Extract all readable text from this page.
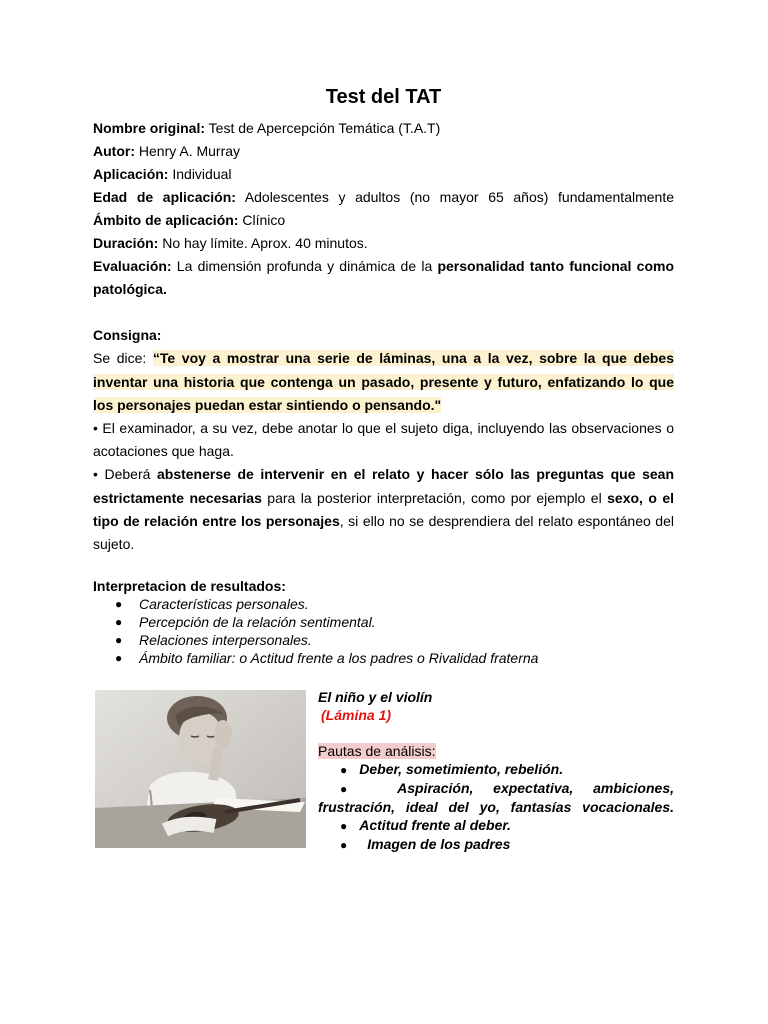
Test del TAT

Nombre original: Test de Apercepción Temática (T.A.T)

Autor: Henry A. Murray

Aplicación: Individual

Edad de aplicación: Adolescentes y adultos (no mayor 65 años) fundamentalmente

Ámbito de aplicación: Clínico

Duración: No hay límite. Aprox. 40 minutos.

Evaluación: La dimensión profunda y dinámica de la personalidad tanto funcional como patológica.

Consigna:

Se dice: “Te voy a mostrar una serie de láminas, una a la vez, sobre la que debes inventar una historia que contenga un pasado, presente y futuro, enfatizando lo que los personajes puedan estar sintiendo o pensando."

• El examinador, a su vez, debe anotar lo que el sujeto diga, incluyendo las observaciones o acotaciones que haga.

• Deberá abstenerse de intervenir en el relato y hacer sólo las preguntas que sean estrictamente necesarias para la posterior interpretación, como por ejemplo el sexo, o el tipo de relación entre los personajes, si ello no se desprendiera del relato espontáneo del sujeto.

Interpretacion de resultados:

● Características personales.
● Percepción de la relación sentimental.
● Relaciones interpersonales.
● Ámbito familiar: o Actitud frente a los padres o Rivalidad fraterna

El niño y el violín

(Lámina 1)

Pautas de análisis:

● Deber, sometimiento, rebelión.

● Aspiración, expectativa, ambiciones, frustración, ideal del yo, fantasías vocacionales.

● Actitud frente al deber.

● Imagen de los padres
